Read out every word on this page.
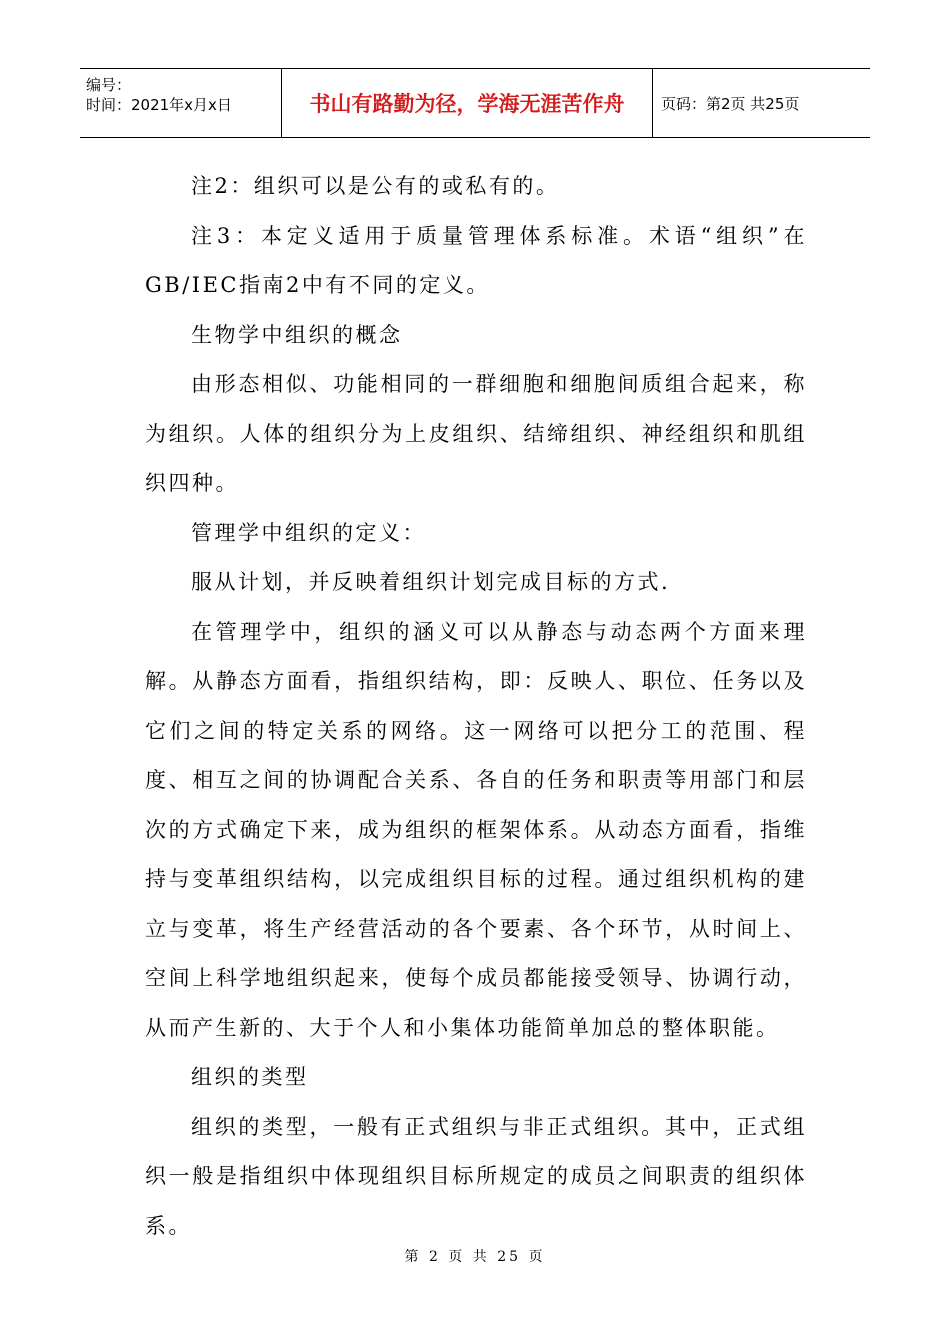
编号：
时间：2021年x月x日	书山有路勤为径，学海无涯苦作舟	页码：第2页 共25页

注2：组织可以是公有的或私有的。

注3：本定义适用于质量管理体系标准。术语“组织”在GB/IEC指南2中有不同的定义。

生物学中组织的概念

由形态相似、功能相同的一群细胞和细胞间质组合起来，称为组织。人体的组织分为上皮组织、结缔组织、神经组织和肌组织四种。

管理学中组织的定义：

服从计划，并反映着组织计划完成目标的方式.

在管理学中，组织的涵义可以从静态与动态两个方面来理解。从静态方面看，指组织结构，即：反映人、职位、任务以及它们之间的特定关系的网络。这一网络可以把分工的范围、程度、相互之间的协调配合关系、各自的任务和职责等用部门和层次的方式确定下来，成为组织的框架体系。从动态方面看，指维持与变革组织结构，以完成组织目标的过程。通过组织机构的建立与变革，将生产经营活动的各个要素、各个环节，从时间上、空间上科学地组织起来，使每个成员都能接受领导、协调行动，从而产生新的、大于个人和小集体功能简单加总的整体职能。

组织的类型

组织的类型，一般有正式组织与非正式组织。其中，正式组织一般是指组织中体现组织目标所规定的成员之间职责的组织体系。

第 2 页 共 25 页
